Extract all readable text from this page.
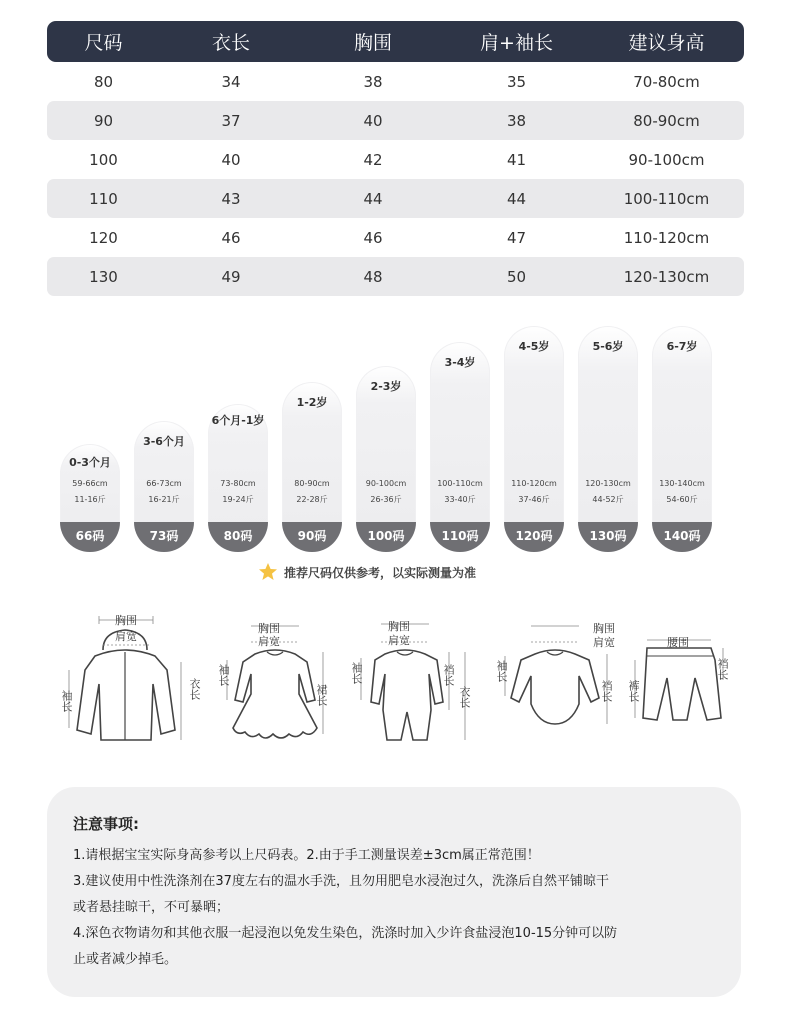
尺码	衣长	胸围	肩+袖长	建议身高
80	34	38	35	70-80cm
90	37	40	38	80-90cm
100	40	42	41	90-100cm
110	43	44	44	100-110cm
120	46	46	47	110-120cm
130	49	48	50	120-130cm
0-3个月
59-66cm
11-16斤
66码
3-6个月
66-73cm
16-21斤
73码
6个月-1岁
73-80cm
19-24斤
80码
1-2岁
80-90cm
22-28斤
90码
2-3岁
90-100cm
26-36斤
100码
3-4岁
100-110cm
33-40斤
110码
4-5岁
110-120cm
37-46斤
120码
5-6岁
120-130cm
44-52斤
130码
6-7岁
130-140cm
54-60斤
140码
推荐尺码仅供参考，以实际测量为准
胸围
肩宽
袖长
衣长
胸围
肩宽
袖长
裙长
胸围
肩宽
袖长	裆长
衣长
胸围
肩宽
袖长
裆长
腰围
裆长
裤长
注意事项:

1.请根据宝宝实际身高参考以上尺码表。2.由于手工测量误差±3cm属正常范围！

3.建议使用中性洗涤剂在37度左右的温水手洗，且勿用肥皂水浸泡过久，洗涤后自然平铺晾干

或者悬挂晾干，不可暴晒；

4.深色衣物请勿和其他衣服一起浸泡以免发生染色，洗涤时加入少许食盐浸泡10-15分钟可以防

止或者减少掉毛。
